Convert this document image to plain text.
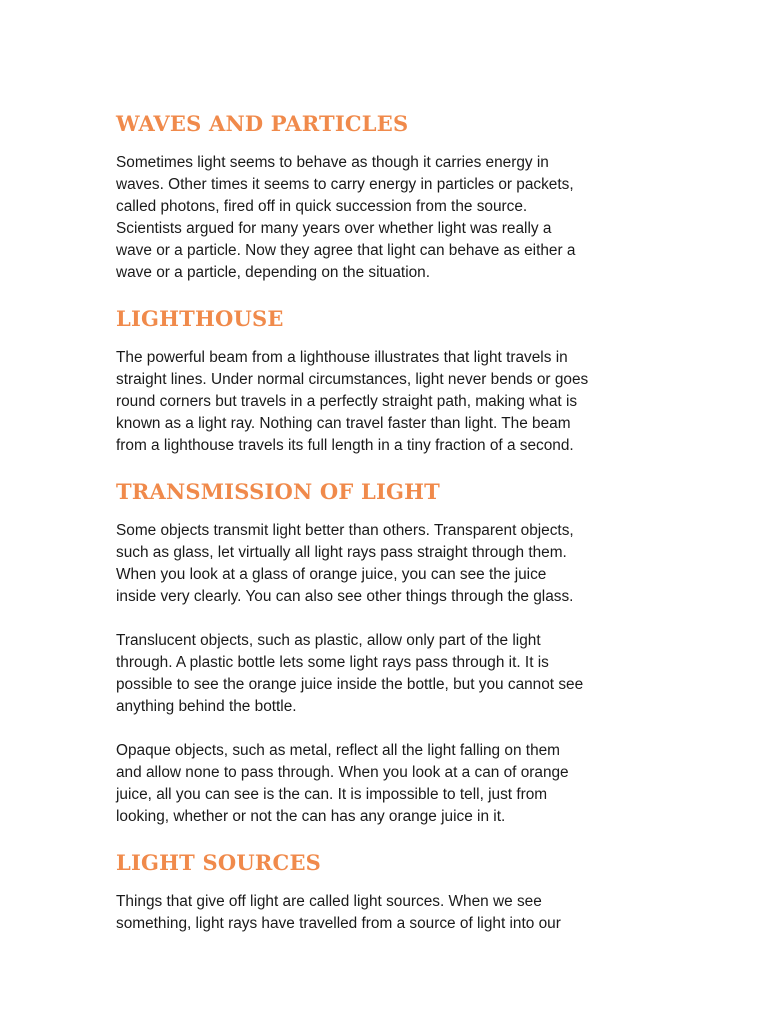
WAVES AND PARTICLES

Sometimes light seems to behave as though it carries energy in
waves. Other times it seems to carry energy in particles or packets,
called photons, fired off in quick succession from the source.
Scientists argued for many years over whether light was really a
wave or a particle. Now they agree that light can behave as either a
wave or a particle, depending on the situation.

LIGHTHOUSE

The powerful beam from a lighthouse illustrates that light travels in
straight lines. Under normal circumstances, light never bends or goes
round corners but travels in a perfectly straight path, making what is
known as a light ray. Nothing can travel faster than light. The beam
from a lighthouse travels its full length in a tiny fraction of a second.

TRANSMISSION OF LIGHT

Some objects transmit light better than others. Transparent objects,
such as glass, let virtually all light rays pass straight through them.
When you look at a glass of orange juice, you can see the juice
inside very clearly. You can also see other things through the glass.

Translucent objects, such as plastic, allow only part of the light
through. A plastic bottle lets some light rays pass through it. It is
possible to see the orange juice inside the bottle, but you cannot see
anything behind the bottle.

Opaque objects, such as metal, reflect all the light falling on them
and allow none to pass through. When you look at a can of orange
juice, all you can see is the can. It is impossible to tell, just from
looking, whether or not the can has any orange juice in it.

LIGHT SOURCES

Things that give off light are called light sources. When we see
something, light rays have travelled from a source of light into our
